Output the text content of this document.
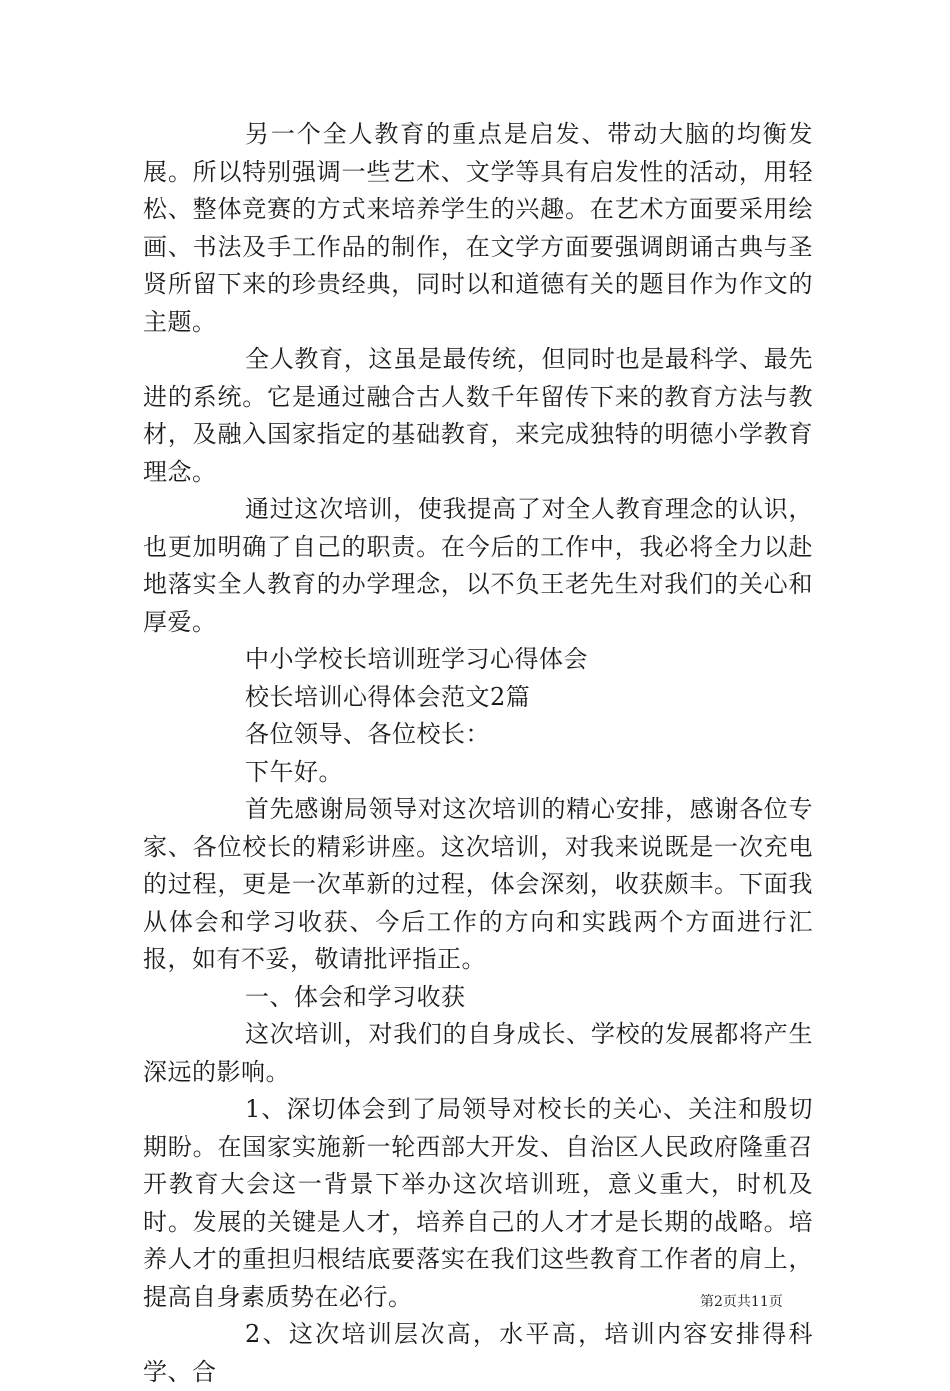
另一个全人教育的重点是启发、带动大脑的均衡发展。所以特别强调一些艺术、文学等具有启发性的活动，用轻松、整体竞赛的方式来培养学生的兴趣。在艺术方面要采用绘画、书法及手工作品的制作，在文学方面要强调朗诵古典与圣贤所留下来的珍贵经典，同时以和道德有关的题目作为作文的主题。

全人教育，这虽是最传统，但同时也是最科学、最先进的系统。它是通过融合古人数千年留传下来的教育方法与教材，及融入国家指定的基础教育，来完成独特的明德小学教育理念。

通过这次培训，使我提高了对全人教育理念的认识，也更加明确了自己的职责。在今后的工作中，我必将全力以赴地落实全人教育的办学理念，以不负王老先生对我们的关心和厚爱。

中小学校长培训班学习心得体会

校长培训心得体会范文2篇

各位领导、各位校长：

下午好。

首先感谢局领导对这次培训的精心安排，感谢各位专家、各位校长的精彩讲座。这次培训，对我来说既是一次充电的过程，更是一次革新的过程，体会深刻，收获颇丰。下面我从体会和学习收获、今后工作的方向和实践两个方面进行汇报，如有不妥，敬请批评指正。

一、体会和学习收获

这次培训，对我们的自身成长、学校的发展都将产生深远的影响。

1、深切体会到了局领导对校长的关心、关注和殷切期盼。在国家实施新一轮西部大开发、自治区人民政府隆重召开教育大会这一背景下举办这次培训班，意义重大，时机及时。发展的关键是人才，培养自己的人才才是长期的战略。培养人才的重担归根结底要落实在我们这些教育工作者的肩上，提高自身素质势在必行。

2、这次培训层次高，水平高，培训内容安排得科学、合

第2页共11页
